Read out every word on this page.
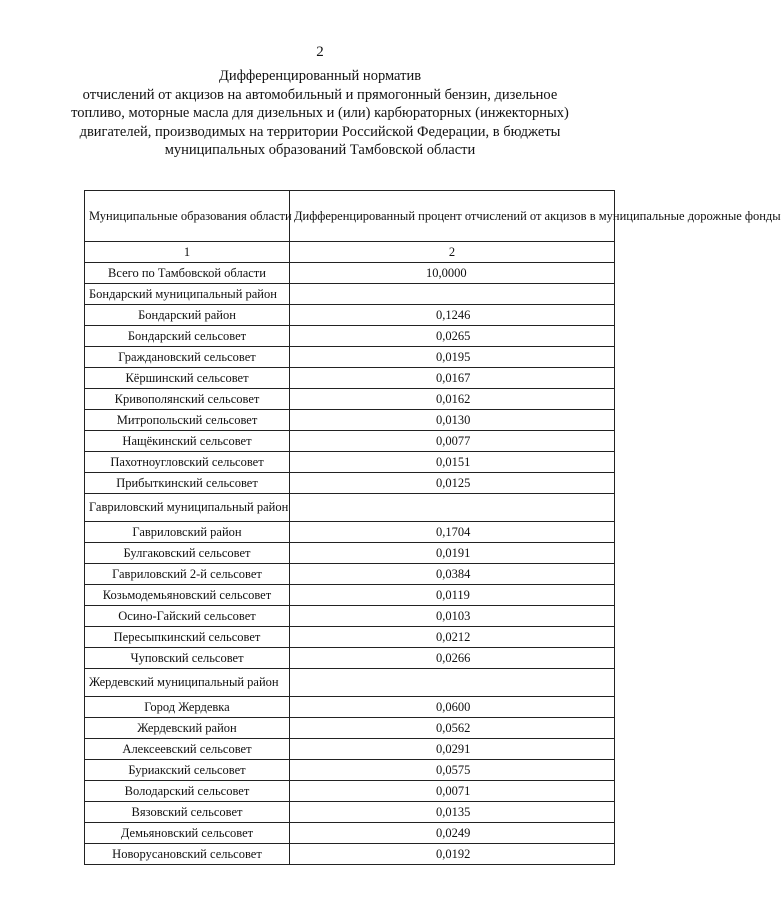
2
Дифференцированный норматив
отчислений от акцизов на автомобильный и прямогонный бензин, дизельное
топливо, моторные масла для дизельных и (или) карбюраторных (инжекторных)
двигателей, производимых на территории Российской Федерации, в бюджеты
муниципальных образований Тамбовской области
Муниципальные образования области	Дифференцированный процент отчислений от акцизов в муниципальные дорожные фонды
1	2
Всего по Тамбовской области	10,0000
Бондарский муниципальный район	
Бондарский район	0,1246
Бондарский сельсовет	0,0265
Граждановский сельсовет	0,0195
Кёршинский сельсовет	0,0167
Кривополянский сельсовет	0,0162
Митропольский сельсовет	0,0130
Нащёкинский сельсовет	0,0077
Пахотноугловский сельсовет	0,0151
Прибыткинский сельсовет	0,0125
Гавриловский муниципальный район	
Гавриловский район	0,1704
Булгаковский сельсовет	0,0191
Гавриловский 2-й сельсовет	0,0384
Козьмодемьяновский сельсовет	0,0119
Осино-Гайский сельсовет	0,0103
Пересыпкинский сельсовет	0,0212
Чуповский сельсовет	0,0266
Жердевский муниципальный район	
Город Жердевка	0,0600
Жердевский район	0,0562
Алексеевский сельсовет	0,0291
Буриакский сельсовет	0,0575
Володарский сельсовет	0,0071
Вязовский сельсовет	0,0135
Демьяновский сельсовет	0,0249
Новорусановский сельсовет	0,0192
